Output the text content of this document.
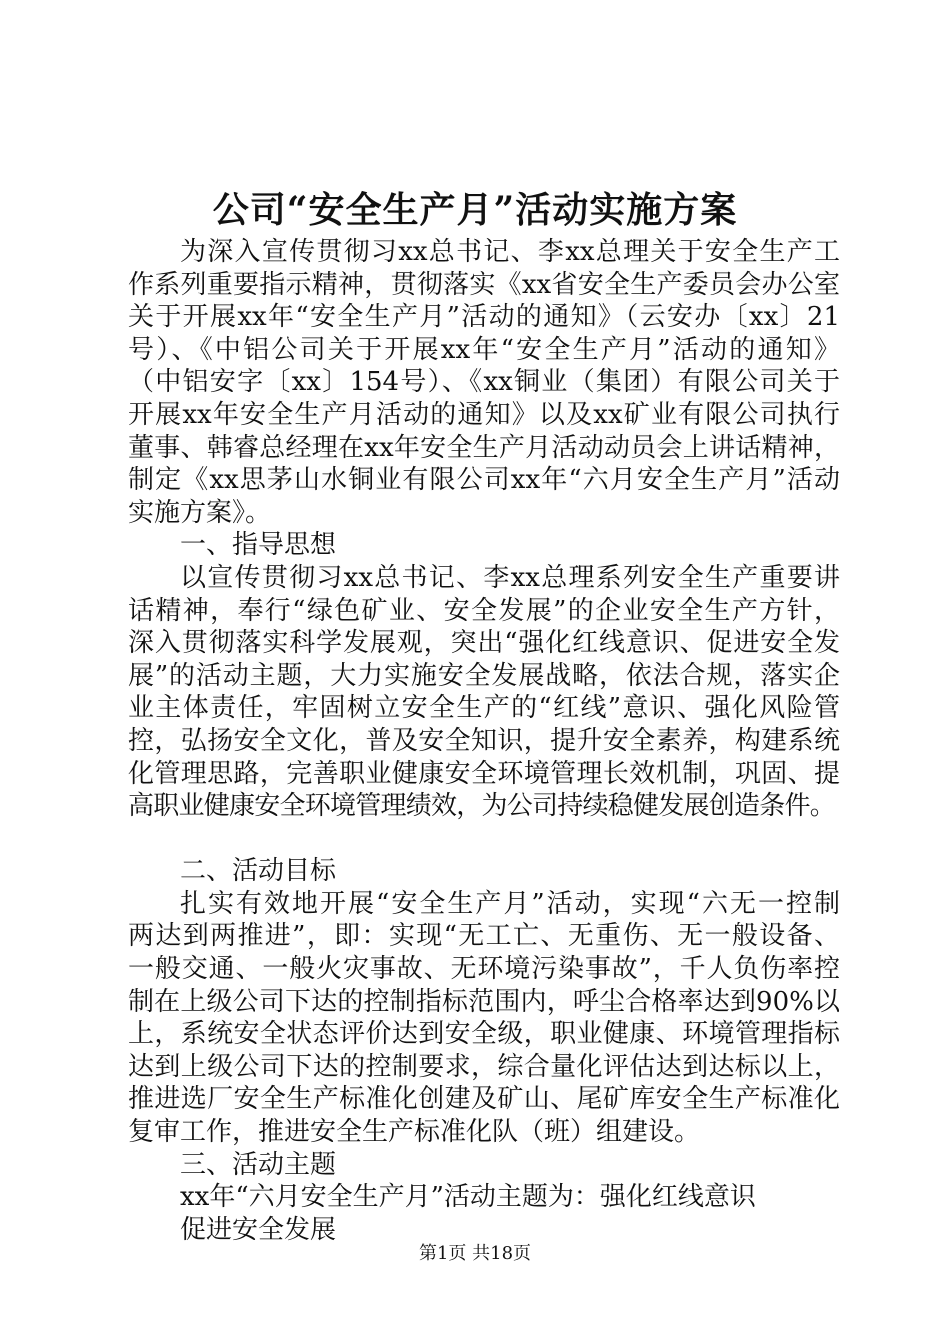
公司“安全生产月”活动实施方案
为深入宣传贯彻习xx总书记、李xx总理关于安全生产工
作系列重要指示精神，贯彻落实《xx省安全生产委员会办公室
关于开展xx年“安全生产月”活动的通知》（云安办〔xx〕21
号）、《中铝公司关于开展xx年“安全生产月”活动的通知》
（中铝安字〔xx〕154号）、《xx铜业（集团）有限公司关于
开展xx年安全生产月活动的通知》以及xx矿业有限公司执行
董事、韩睿总经理在xx年安全生产月活动动员会上讲话精神，
制定《xx思茅山水铜业有限公司xx年“六月安全生产月”活动
实施方案》。
一、指导思想
以宣传贯彻习xx总书记、李xx总理系列安全生产重要讲
话精神，奉行“绿色矿业、安全发展”的企业安全生产方针，
深入贯彻落实科学发展观，突出“强化红线意识、促进安全发
展”的活动主题，大力实施安全发展战略，依法合规，落实企
业主体责任，牢固树立安全生产的“红线”意识、强化风险管
控，弘扬安全文化，普及安全知识，提升安全素养，构建系统
化管理思路，完善职业健康安全环境管理长效机制，巩固、提
高职业健康安全环境管理绩效，为公司持续稳健发展创造条件。
二、活动目标
扎实有效地开展“安全生产月”活动，实现“六无一控制
两达到两推进”，即：实现“无工亡、无重伤、无一般设备、
一般交通、一般火灾事故、无环境污染事故”，千人负伤率控
制在上级公司下达的控制指标范围内，呼尘合格率达到90%以
上，系统安全状态评价达到安全级，职业健康、环境管理指标
达到上级公司下达的控制要求，综合量化评估达到达标以上，
推进选厂安全生产标准化创建及矿山、尾矿库安全生产标准化
复审工作，推进安全生产标准化队（班）组建设。
三、活动主题
xx年“六月安全生产月”活动主题为：强化红线意识
促进安全发展
第1页 共18页
